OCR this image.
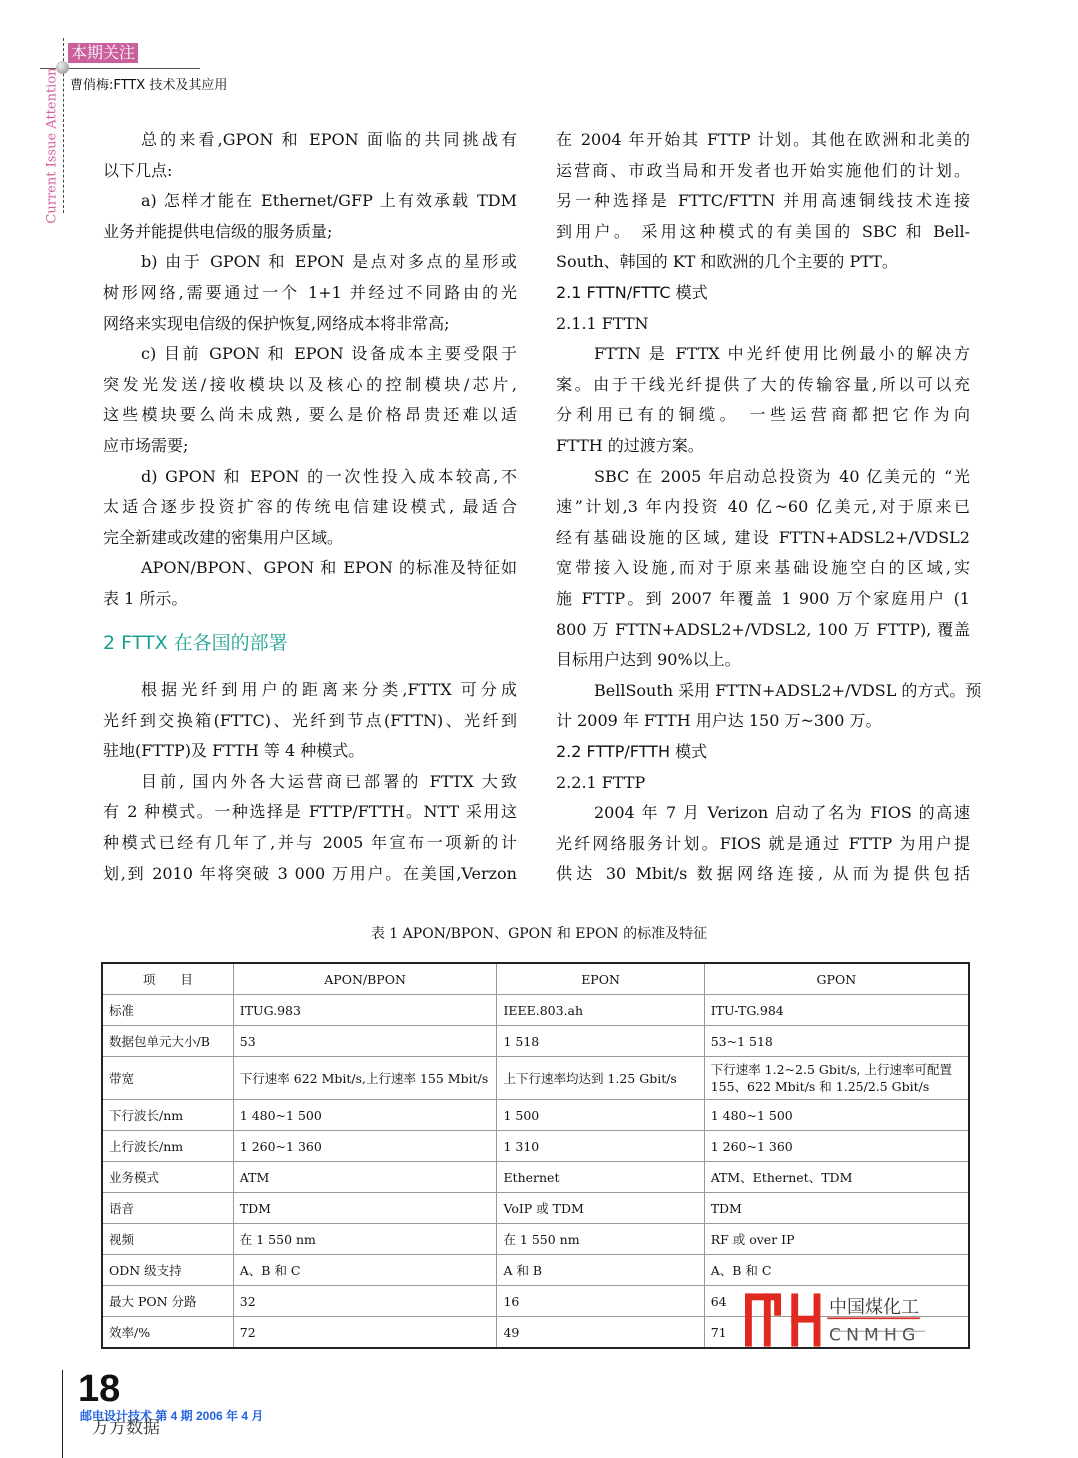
本期关注
Current Issue Attention 曹俏梅:FTTX 技术及其应用
总的来看,GPON 和 EPON 面临的共同挑战有
以下几点:
a) 怎样才能在 Ethernet/GFP 上有效承载 TDM
业务并能提供电信级的服务质量;
b) 由于 GPON 和 EPON 是点对多点的星形或
树形网络,需要通过一个 1+1 并经过不同路由的光
网络来实现电信级的保护恢复,网络成本将非常高;
c) 目前 GPON 和 EPON 设备成本主要受限于
突发光发送/接收模块以及核心的控制模块/芯片,
这些模块要么尚未成熟, 要么是价格昂贵还难以适
应市场需要;
d) GPON 和 EPON 的一次性投入成本较高,不
太适合逐步投资扩容的传统电信建设模式, 最适合
完全新建或改建的密集用户区域。
APON/BPON、GPON 和 EPON 的标准及特征如
表 1 所示。
2 FTTX 在各国的部署
根据光纤到用户的距离来分类,FTTX 可分成
光纤到交换箱(FTTC)、光纤到节点(FTTN)、光纤到
驻地(FTTP)及 FTTH 等 4 种模式。
目前, 国内外各大运营商已部署的 FTTX 大致
有 2 种模式。一种选择是 FTTP/FTTH。NTT 采用这
种模式已经有几年了,并与 2005 年宣布一项新的计
划,到 2010 年将突破 3 000 万用户。在美国,Verzon
在 2004 年开始其 FTTP 计划。其他在欧洲和北美的
运营商、市政当局和开发者也开始实施他们的计划。
另一种选择是 FTTC/FTTN 并用高速铜线技术连接
到用户。 采用这种模式的有美国的 SBC 和 Bell-
South、韩国的 KT 和欧洲的几个主要的 PTT。
2.1 FTTN/FTTC 模式
2.1.1 FTTN
FTTN 是 FTTX 中光纤使用比例最小的解决方
案。由于干线光纤提供了大的传输容量,所以可以充
分利用已有的铜缆。 一些运营商都把它作为向
FTTH 的过渡方案。
SBC 在 2005 年启动总投资为 40 亿美元的 “光
速”计划,3 年内投资 40 亿~60 亿美元,对于原来已
经有基础设施的区域, 建设 FTTN+ADSL2+/VDSL2
宽带接入设施,而对于原来基础设施空白的区域,实
施 FTTP。到 2007 年覆盖 1 900 万个家庭用户 (1
800 万 FTTN+ADSL2+/VDSL2, 100 万 FTTP), 覆盖
目标用户达到 90%以上。
BellSouth 采用 FTTN+ADSL2+/VDSL 的方式。预
计 2009 年 FTTH 用户达 150 万~300 万。
2.2 FTTP/FTTH 模式
2.2.1 FTTP
2004 年 7 月 Verizon 启动了名为 FIOS 的高速
光纤网络服务计划。FIOS 就是通过 FTTP 为用户提
供达 30 Mbit/s 数据网络连接, 从而为提供包括
表 1 APON/BPON、GPON 和 EPON 的标准及特征
项　　目	APON/BPON	EPON	GPON
标准	ITUG.983	IEEE.803.ah	ITU-TG.984
数据包单元大小/B	53	1 518	53~1 518
带宽	下行速率 622 Mbit/s,上行速率 155 Mbit/s	上下行速率均达到 1.25 Gbit/s	下行速率 1.2~2.5 Gbit/s, 上行速率可配置 155、622 Mbit/s 和 1.25/2.5 Gbit/s
下行波长/nm	1 480~1 500	1 500	1 480~1 500
上行波长/nm	1 260~1 360	1 310	1 260~1 360
业务模式	ATM	Ethernet	ATM、Ethernet、TDM
语音	TDM	VoIP 或 TDM	TDM
视频	在 1 550 nm	在 1 550 nm	RF 或 over IP
ODN 级支持	A、B 和 C	A 和 B	A、B 和 C
最大 PON 分路	32	16	64
效率/%	72	49	71
中国煤化工
CNMHG
18
邮电设计技术 第 4 期 2006 年 4 月
万方数据
